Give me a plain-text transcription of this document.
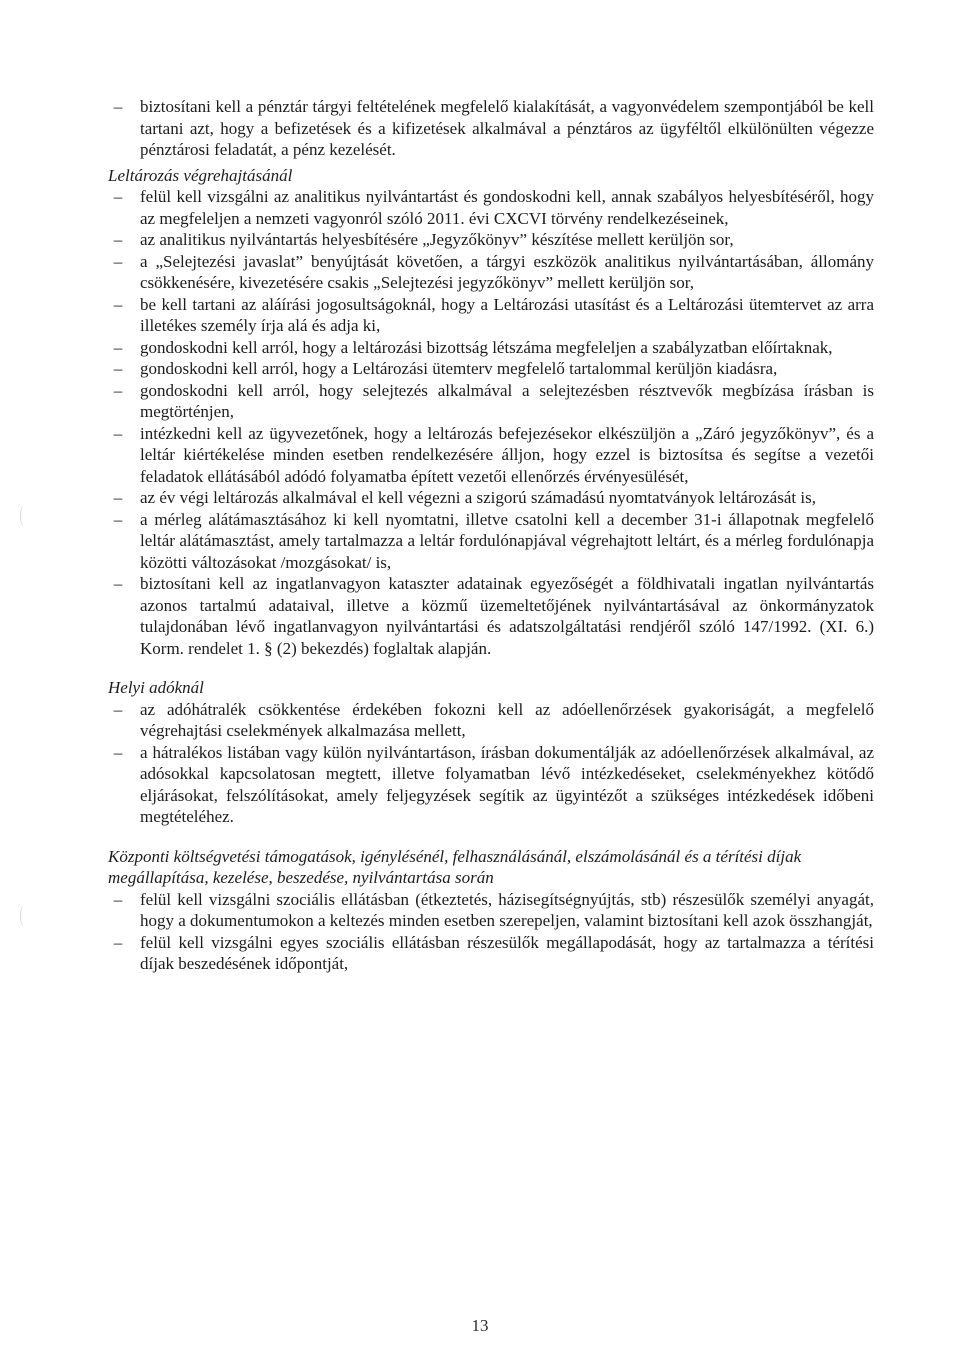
–	biztosítani kell a pénztár tárgyi feltételének megfelelő kialakítását, a vagyonvédelem szempontjából be kell tartani azt, hogy a befizetések és a kifizetések alkalmával a pénztáros az ügyféltől elkülönülten végezze pénztárosi feladatát, a pénz kezelését.
Leltározás végrehajtásánál
–	felül kell vizsgálni az analitikus nyilvántartást és gondoskodni kell, annak szabályos helyesbítéséről, hogy az megfeleljen a nemzeti vagyonról szóló 2011. évi CXCVI törvény rendelkezéseinek,
–	az analitikus nyilvántartás helyesbítésére „Jegyzőkönyv” készítése mellett kerüljön sor,
–	a „Selejtezési javaslat” benyújtását követően, a tárgyi eszközök analitikus nyilvántartásában, állomány csökkenésére, kivezetésére csakis „Selejtezési jegyzőkönyv” mellett kerüljön sor,
–	be kell tartani az aláírási jogosultságoknál, hogy a Leltározási utasítást és a Leltározási ütemtervet az arra illetékes személy írja alá és adja ki,
–	gondoskodni kell arról, hogy a leltározási bizottság létszáma megfeleljen a szabályzatban előírtaknak,
–	gondoskodni kell arról, hogy a Leltározási ütemterv megfelelő tartalommal kerüljön kiadásra,
–	gondoskodni kell arról, hogy selejtezés alkalmával a selejtezésben résztvevők megbízása írásban is megtörténjen,
–	intézkedni kell az ügyvezetőnek, hogy a leltározás befejezésekor elkészüljön a „Záró jegyzőkönyv”, és a leltár kiértékelése minden esetben rendelkezésére álljon, hogy ezzel is biztosítsa és segítse a vezetői feladatok ellátásából adódó folyamatba épített vezetői ellenőrzés érvényesülését,
–	az év végi leltározás alkalmával el kell végezni a szigorú számadású nyomtatványok leltározását is,
–	a mérleg alátámasztásához ki kell nyomtatni, illetve csatolni kell a december 31-i állapotnak megfelelő leltár alátámasztást, amely tartalmazza a leltár fordulónapjával végrehajtott leltárt, és a mérleg fordulónapja közötti változásokat /mozgásokat/ is,
–	biztosítani kell az ingatlanvagyon kataszter adatainak egyezőségét a földhivatali ingatlan nyilvántartás azonos tartalmú adataival, illetve a közmű üzemeltetőjének nyilvántartásával az önkormányzatok tulajdonában lévő ingatlanvagyon nyilvántartási és adatszolgáltatási rendjéről szóló 147/1992. (XI. 6.) Korm. rendelet 1. § (2) bekezdés) foglaltak alapján.
Helyi adóknál
–	az adóhátralék csökkentése érdekében fokozni kell az adóellenőrzések gyakoriságát, a megfelelő végrehajtási cselekmények alkalmazása mellett,
–	a hátralékos listában vagy külön nyilvántartáson, írásban dokumentálják az adóellenőrzések alkalmával, az adósokkal kapcsolatosan megtett, illetve folyamatban lévő intézkedéseket, cselekményekhez kötődő eljárásokat, felszólításokat, amely feljegyzések segítik az ügyintézőt a szükséges intézkedések időbeni megtételéhez.
Központi költségvetési támogatások, igénylésénél, felhasználásánál, elszámolásánál és a térítési díjak megállapítása, kezelése, beszedése, nyilvántartása során
–	felül kell vizsgálni szociális ellátásban (étkeztetés, házisegítségnyújtás, stb) részesülők személyi anyagát, hogy a dokumentumokon a keltezés minden esetben szerepeljen, valamint biztosítani kell azok összhangját,
–	felül kell vizsgálni egyes szociális ellátásban részesülők megállapodását, hogy az tartalmazza a térítési díjak beszedésének időpontját,
13
